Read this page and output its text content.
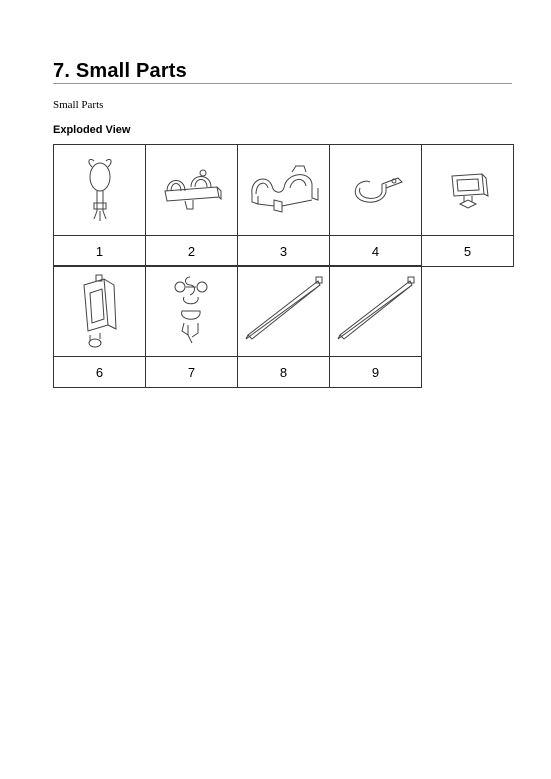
7. Small Parts
Small Parts
Exploded View

1	2	3	4	5

6	7	8	9
